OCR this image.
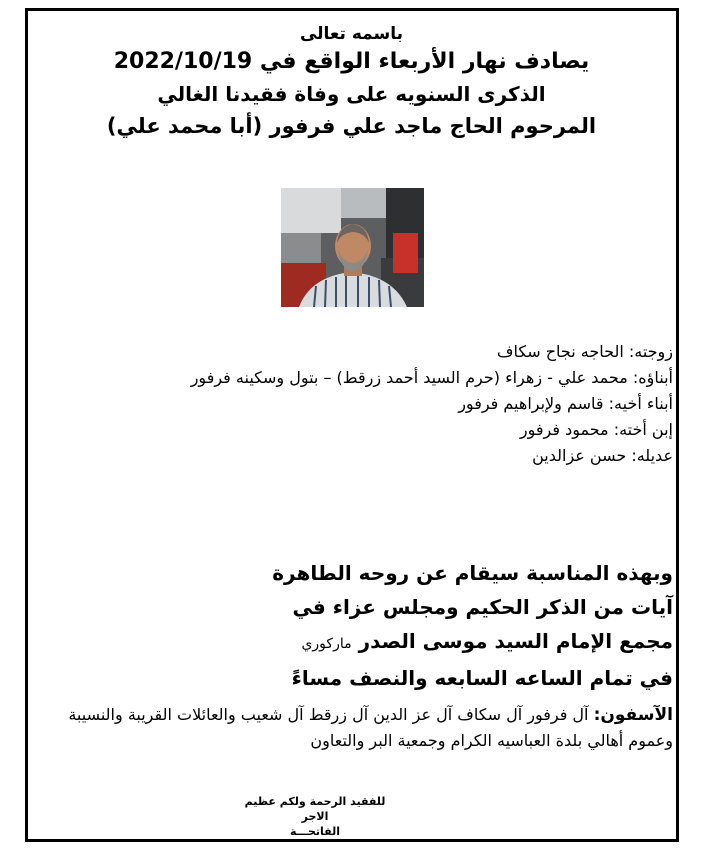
باسمه تعالى
يصادف نهار الأربعاء الواقع في 2022/10/19
الذكرى السنويه على وفاة فقيدنا الغالي
المرحوم الحاج ماجد علي فرفور (أبا محمد علي)
زوجته: الحاجه نجاح سكاف
أبناؤه: محمد علي - زهراء (حرم السيد أحمد زرقط) – بتول وسكينه فرفور
أبناء أخيه: قاسم ولإبراهيم فرفور
إبن أخته: محمود فرفور
عديله: حسن عزالدين
وبهذه المناسبة سيقام عن روحه الطاهرة
آيات من الذكر الحكيم ومجلس عزاء في
مجمع الإمام السيد موسى الصدر ماركوري
في تمام الساعه السابعه والنصف مساءً
الآسفون: آل فرفور آل سكاف آل عز الدين آل زرقط آل شعيب والعائلات القريبة والنسيبة وعموم أهالي بلدة العباسيه الكرام وجمعية البر والتعاون
للفقيد الرحمة ولكم عظيم الاجر
الفاتحـــة
